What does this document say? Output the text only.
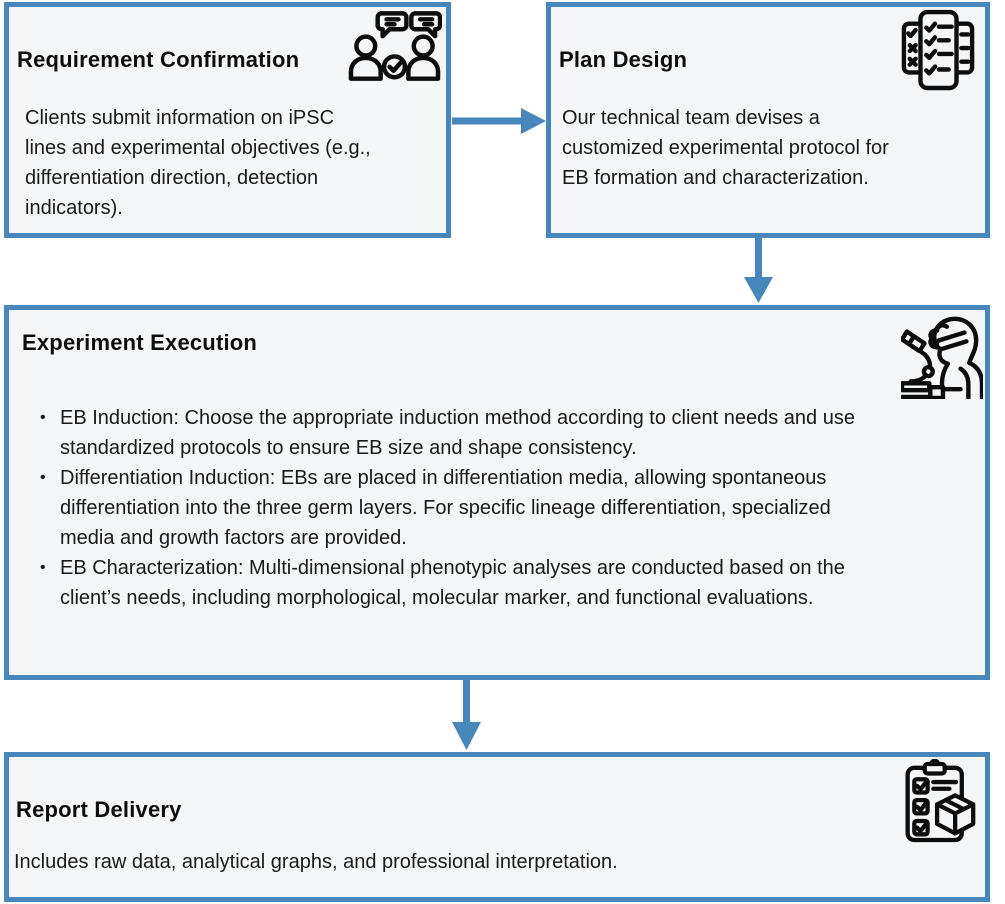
Requirement Confirmation
Clients submit information on iPSC
lines and experimental objectives (e.g.,
differentiation direction, detection
indicators).
Plan Design
Our technical team devises a
customized experimental protocol for
EB formation and characterization.
Experiment Execution
• EB Induction: Choose the appropriate induction method according to client needs and use
standardized protocols to ensure EB size and shape consistency.
• Differentiation Induction: EBs are placed in differentiation media, allowing spontaneous
differentiation into the three germ layers. For specific lineage differentiation, specialized
media and growth factors are provided.
• EB Characterization: Multi-dimensional phenotypic analyses are conducted based on the
client’s needs, including morphological, molecular marker, and functional evaluations.
Report Delivery
Includes raw data, analytical graphs, and professional interpretation.
